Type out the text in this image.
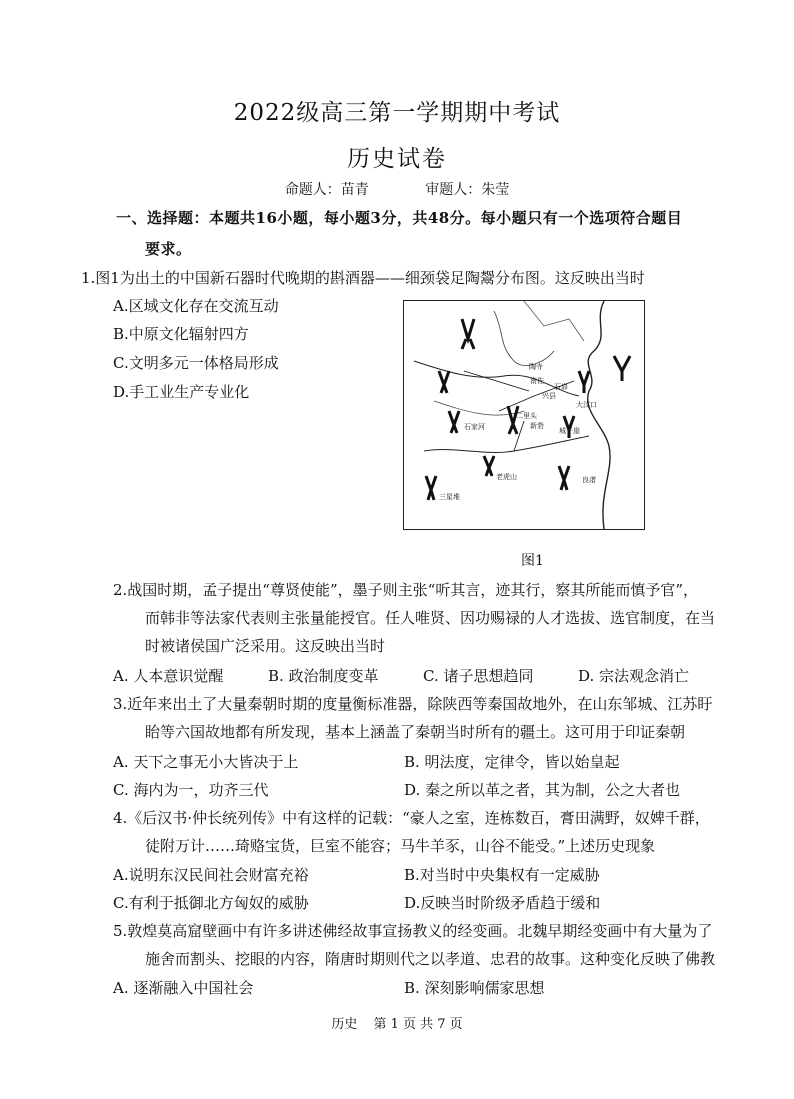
2022级高三第一学期期中考试
历史试卷
命题人：苗青	审题人：朱莹
一、选择题：本题共16小题，每小题3分，共48分。每小题只有一个选项符合题目
要求。
1.图1为出土的中国新石器时代晚期的斟酒器——细颈袋足陶鬶分布图。这反映出当时
A.区域文化存在交流互动
B.中原文化辐射四方
C.文明多元一体格局形成
D.手工业生产专业化
陶寺
南佐
兴县
二里头
大汶口
良渚
城子崖
石峁
石家河
老虎山
新砦
三星堆
图1
2.战国时期，孟子提出“尊贤使能”，墨子则主张“听其言，迹其行，察其所能而慎予官”，
而韩非等法家代表则主张量能授官。任人唯贤、因功赐禄的人才选拔、选官制度，在当
时被诸侯国广泛采用。这反映出当时
A. 人本意识觉醒	B. 政治制度变革	C. 诸子思想趋同	D. 宗法观念消亡
3.近年来出土了大量秦朝时期的度量衡标准器，除陕西等秦国故地外，在山东邹城、江苏盱
眙等六国故地都有所发现，基本上涵盖了秦朝当时所有的疆土。这可用于印证秦朝
A. 天下之事无小大皆决于上	B. 明法度，定律令，皆以始皇起
C. 海内为一，功齐三代	D. 秦之所以革之者，其为制，公之大者也
4.《后汉书·仲长统列传》中有这样的记载：“豪人之室，连栋数百，膏田满野，奴婢千群，
徒附万计……琦赂宝货，巨室不能容；马牛羊豕，山谷不能受。”上述历史现象
A.说明东汉民间社会财富充裕	B.对当时中央集权有一定威胁
C.有利于抵御北方匈奴的威胁	D.反映当时阶级矛盾趋于缓和
5.敦煌莫高窟壁画中有许多讲述佛经故事宣扬教义的经变画。北魏早期经变画中有大量为了
施舍而割头、挖眼的内容，隋唐时期则代之以孝道、忠君的故事。这种变化反映了佛教
A. 逐渐融入中国社会	B. 深刻影响儒家思想
历史 第 1 页 共 7 页
